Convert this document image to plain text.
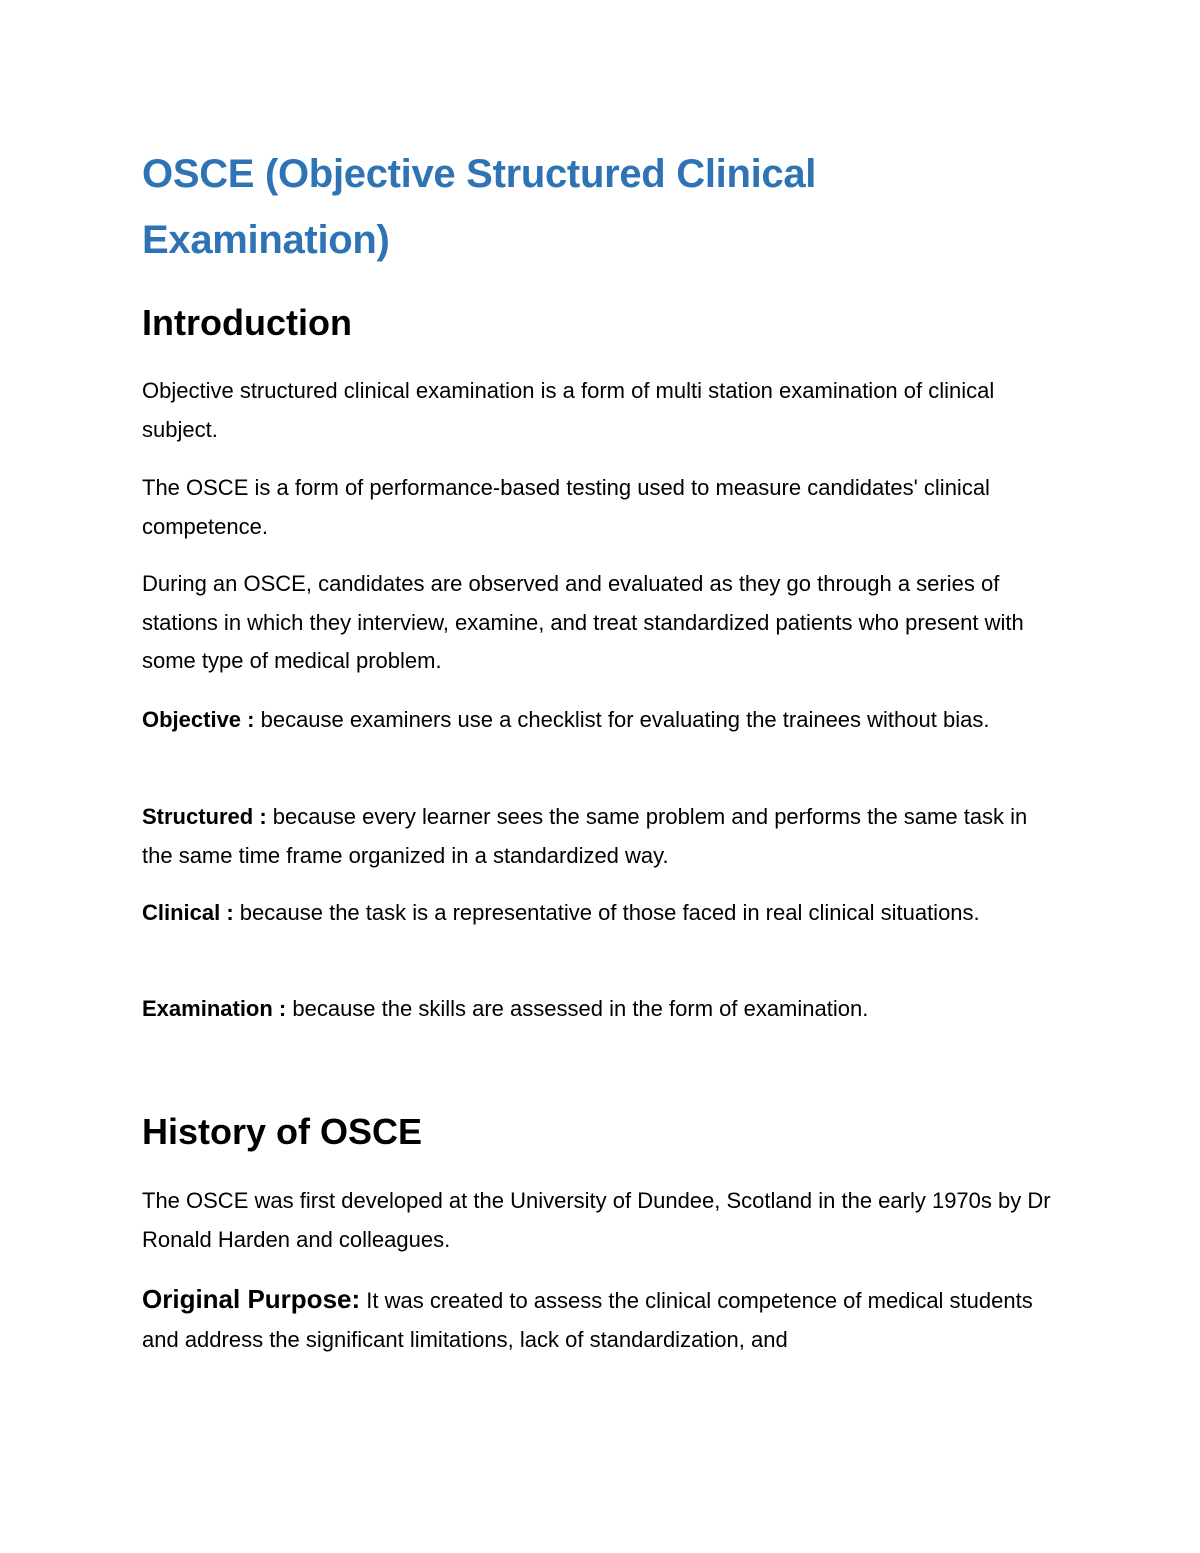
OSCE (Objective Structured Clinical Examination)
Introduction

Objective structured clinical examination is a form of multi station examination of clinical subject.

The OSCE is a form of performance-based testing used to measure candidates' clinical competence.

During an OSCE, candidates are observed and evaluated as they go through a series of stations in which they interview, examine, and treat standardized patients who present with some type of medical problem.

Objective : because examiners use a checklist for evaluating the trainees without bias.

Structured : because every learner sees the same problem and performs the same task in the same time frame organized in a standardized way.

Clinical : because the task is a representative of those faced in real clinical situations.

Examination : because the skills are assessed in the form of examination.

History of OSCE

The OSCE was first developed at the University of Dundee, Scotland in the early 1970s by Dr Ronald Harden and colleagues.

Original Purpose: It was created to assess the clinical competence of medical students and address the significant limitations, lack of standardization, and
